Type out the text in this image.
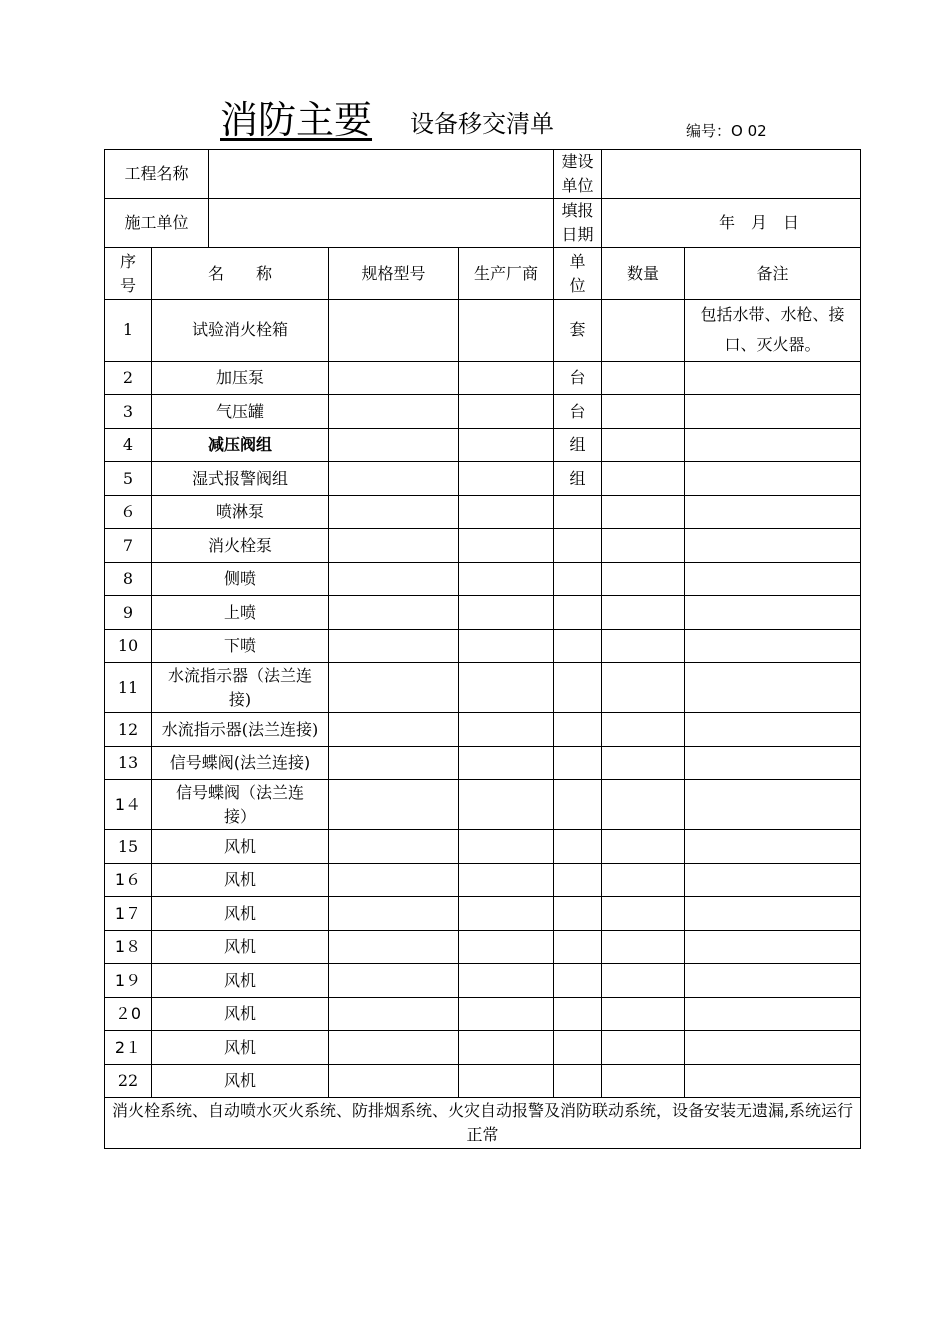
消防主要 设备移交清单	编号：O 02
工程名称					建设单位		
施工单位					填报日期	年　月　日	
序号	名　　称		规格型号	生产厂商	单位	数量	备注
1	试验消火栓箱				套		包括水带、水枪、接口、灭火器。
2	加压泵				台		
3	气压罐				台		
4	减压阀组				组		
5	湿式报警阀组				组		
６	喷淋泵						
7	消火栓泵						
8	侧喷						
9	上喷						
10	下喷						
11	水流指示器（法兰连接)						
12	水流指示器(法兰连接)						
13	信号蝶阀(法兰连接)						
1４	信号蝶阀（法兰连接）						
15	风机						
1６	风机						
1７	风机						
1８	风机						
1９	风机						
２0	风机						
2１	风机						
22	风机						
消火栓系统、自动喷水灭火系统、防排烟系统、火灾自动报警及消防联动系统，设备安装无遗漏,系统运行正常							
